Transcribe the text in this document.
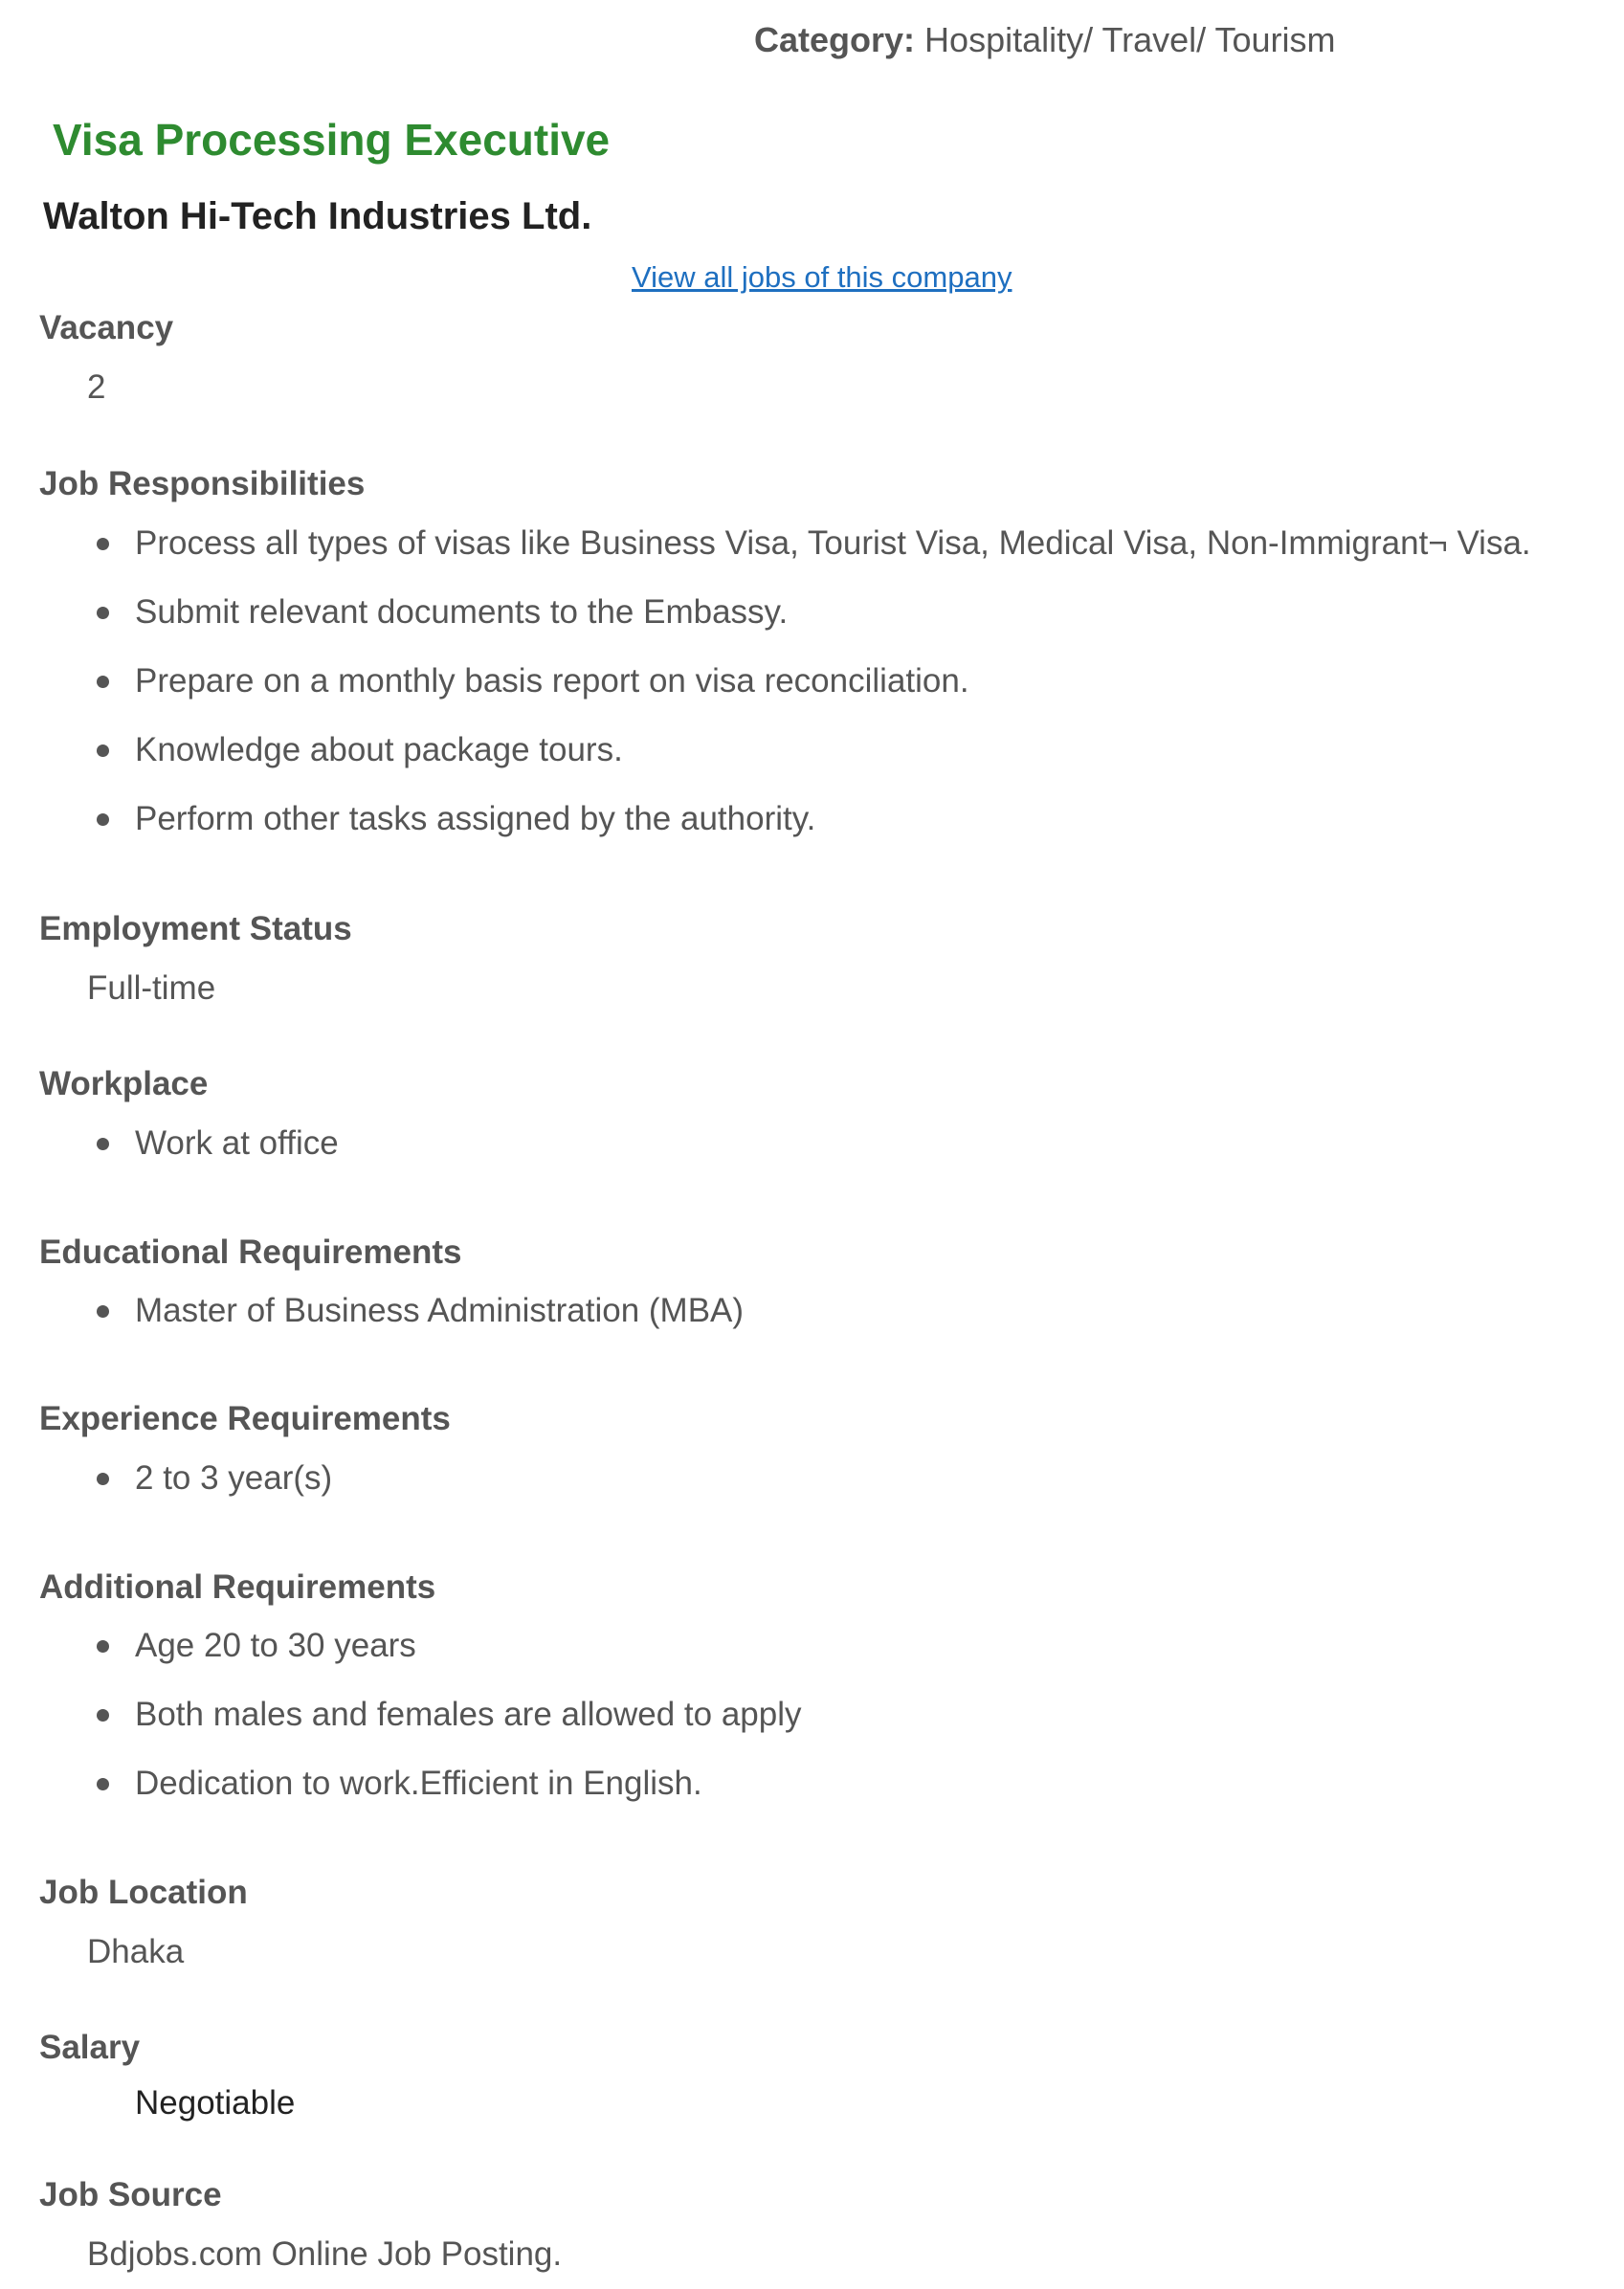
Category: Hospitality/ Travel/ Tourism
Visa Processing Executive
Walton Hi-Tech Industries Ltd.
View all jobs of this company
Vacancy
2
Job Responsibilities
Process all types of visas like Business Visa, Tourist Visa, Medical Visa, Non-Immigrant¬ Visa.
Submit relevant documents to the Embassy.
Prepare on a monthly basis report on visa reconciliation.
Knowledge about package tours.
Perform other tasks assigned by the authority.
Employment Status
Full-time
Workplace
Work at office
Educational Requirements
Master of Business Administration (MBA)
Experience Requirements
2 to 3 year(s)
Additional Requirements
Age 20 to 30 years
Both males and females are allowed to apply
Dedication to work.Efficient in English.
Job Location
Dhaka
Salary
Negotiable
Job Source
Bdjobs.com Online Job Posting.
